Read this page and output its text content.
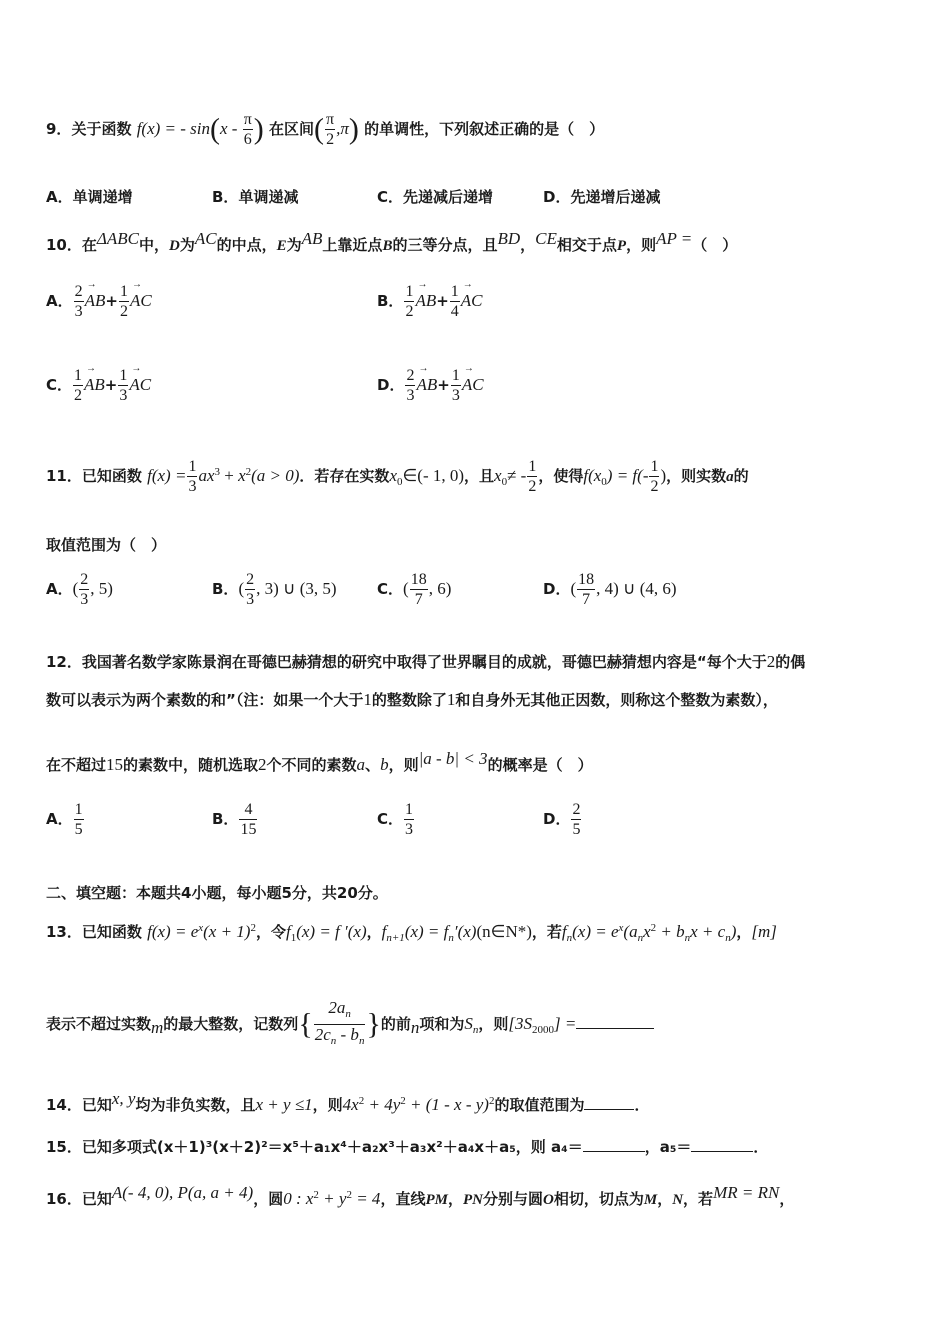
9．关于函数 f(x) = - $\sin(x - \frac{\pi}{6}$ ) 在区间( $\frac{\pi}{2} ,\pi$) 的单调性，下列叙述正确的是（　）
A．单调递增	B．单调递减	C．先递减后递增	D．先递增后递减
10．在$^{\Delta ABC}$中，D为$^{AC}$的中点，E为$^{AB}$上靠近点B的三等分点，且$^{BD}$，$^{CE}$相交于点P，则$^{AP =}$（　）
A． $\frac{2}{3}$
→ $AB+ \frac{1}{2}$
→ AC	B． $\frac{1}{2}$
→ $AB+ \frac{1}{4}$
→ AC
C． $\frac{1}{2}$
→ $AB+ \frac{1}{3}$
→ AC	D． $\frac{2}{3}$
→ $AB+ \frac{1}{3}$
→ AC
11．已知函数 $f(x) = \frac{1}{3} ax^3 + x^2(a > 0)$．若存在实数$x_0\in(-$ 1, 0)，且$x_0\ne - \frac{1}{2}$ ，使得$f(x_0) = f(- \frac{1}{2}$ )，则实数a的
取值范围为（　）
A．( $\frac{2}{3}$ , 5)	B．( $\frac{2}{3}$ , 3) ∪ (3, 5)	C．( $\frac{18}{7}$ , 6)	D．( $\frac{18}{7}$ , 4) ∪ (4, 6)
12．我国著名数学家陈景润在哥德巴赫猜想的研究中取得了世界瞩目的成就，哥德巴赫猜想内容是“每个大于2的偶
数可以表示为两个素数的和”（注：如果一个大于1的整数除了1和自身外无其他正因数，则称这个整数为素数），
在不超过15的素数中，随机选取2个不同的素数a、b，则$^{|a - b| < 3}$的概率是（　）
A． $\frac{1}{5}$	B． $\frac{4}{15}$	C． $\frac{1}{3}$	D． $\frac{2}{5}$
二、填空题：本题共4小题，每小题5分，共20分。
13．已知函数 $f(x) = e^x(x + 1)^2$，令$f_1(x) = f$ ′(x)，$f_{n+1}(x)$ = $f_n'(x)(n\in N*)$，若$f_n(x) = e^x(a_nx^2 + b_nx + c_n)$，[m]
表示不超过实数m的最大整数，记数列{ $\frac{2a_n}{2c_n - b_n}$ }的前n项和为$S_n$，则$[3S_{2000}]$ =
14．已知$^{x, y}$均为非负实数，且x + y ≤1，则$4x^2 + 4y^2 + (1 - x - y)^2$的取值范围为	．
15．已知多项式(x＋1)³(x＋2)²＝x⁵＋a₁x⁴＋a₂x³＋a₃x²＋a₄x＋a₅，则 a₄＝	，a₅＝	．
16．已知$^{A(- 4, 0), P(a, a + 4)}$，圆0 : $x^2 + y^2 = 4$，直线PM，PN分别与圆O相切，切点为M，N，若$^{MR = RN}$，
